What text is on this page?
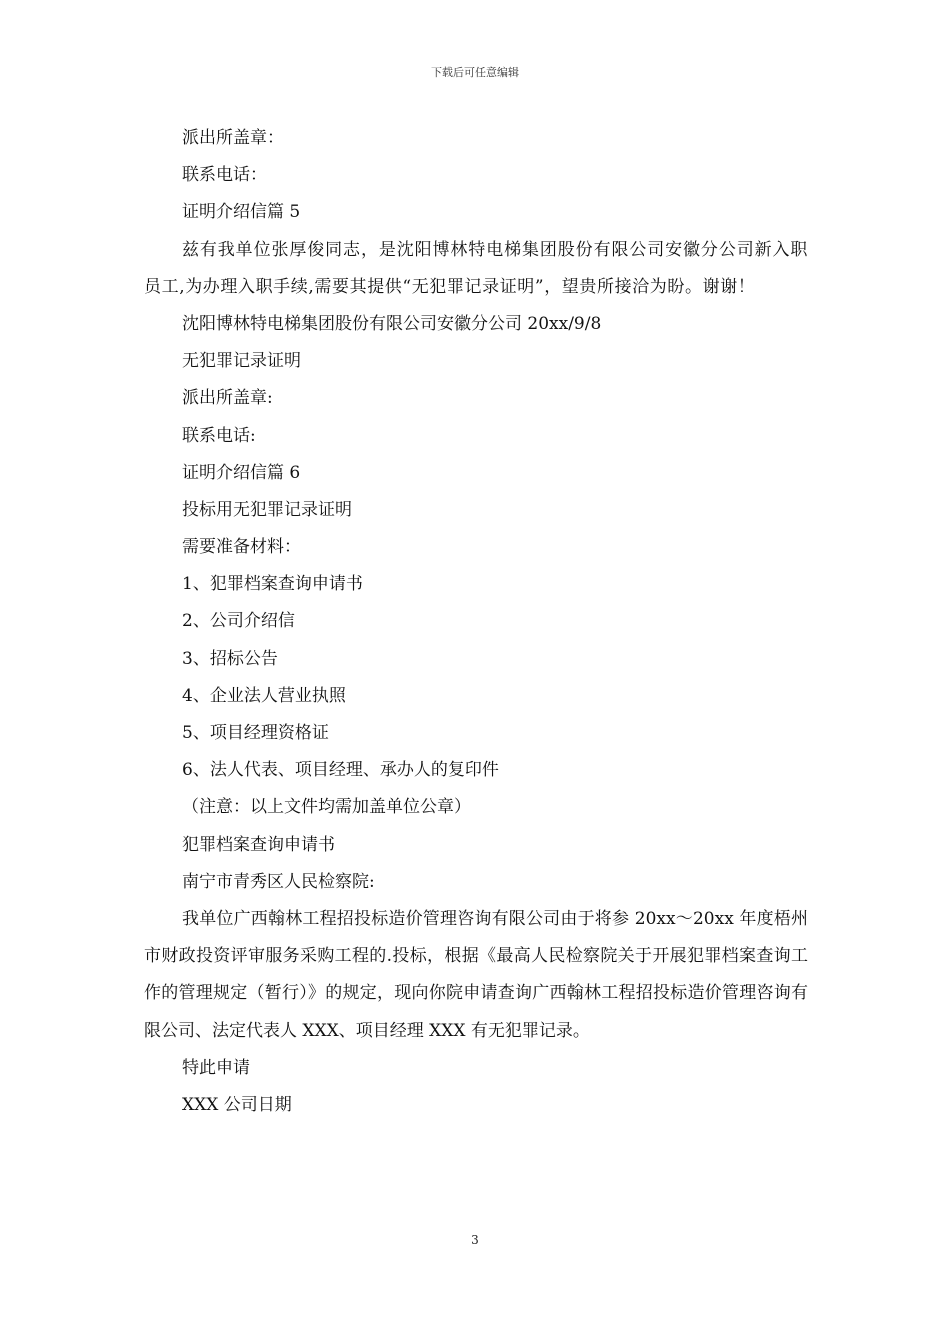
下载后可任意编辑
派出所盖章：
联系电话：
证明介绍信篇 5
兹有我单位张厚俊同志，是沈阳博林特电梯集团股份有限公司安徽分公司新入职员工,为办理入职手续,需要其提供“无犯罪记录证明”，望贵所接洽为盼。谢谢！
沈阳博林特电梯集团股份有限公司安徽分公司 20xx/9/8
无犯罪记录证明
派出所盖章:
联系电话:
证明介绍信篇 6
投标用无犯罪记录证明
需要准备材料：
1、犯罪档案查询申请书
2、公司介绍信
3、招标公告
4、企业法人营业执照
5、项目经理资格证
6、法人代表、项目经理、承办人的复印件
（注意：以上文件均需加盖单位公章）
犯罪档案查询申请书
南宁市青秀区人民检察院:
我单位广西翰林工程招投标造价管理咨询有限公司由于将参 20xx～20xx 年度梧州市财政投资评审服务采购工程的.投标，根据《最高人民检察院关于开展犯罪档案查询工作的管理规定（暂行）》的规定，现向你院申请查询广西翰林工程招投标造价管理咨询有限公司、法定代表人 XXX、项目经理 XXX 有无犯罪记录。
特此申请
XXX 公司日期
3
